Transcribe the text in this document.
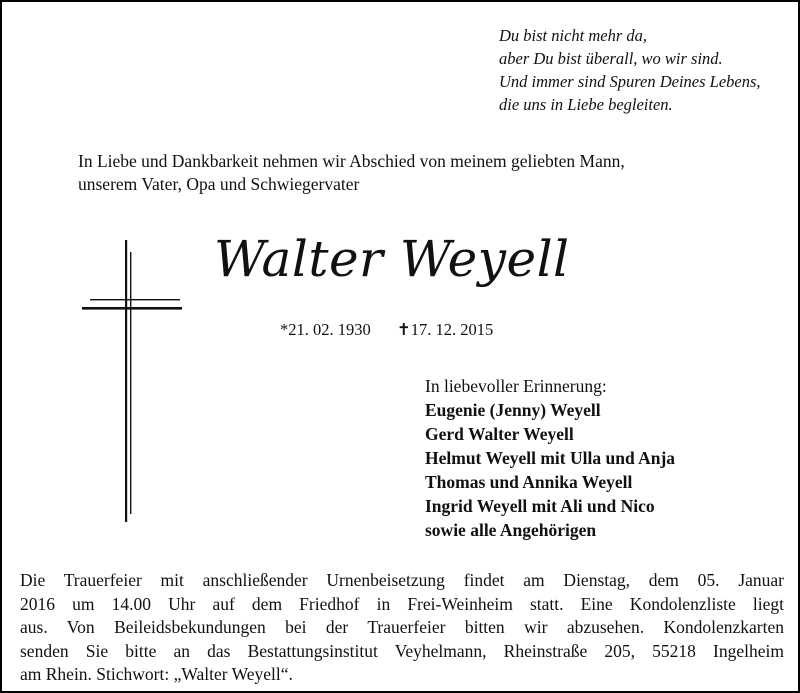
Du bist nicht mehr da,
aber Du bist überall, wo wir sind.
Und immer sind Spuren Deines Lebens,
die uns in Liebe begleiten.
In Liebe und Dankbarkeit nehmen wir Abschied von meinem geliebten Mann,
unserem Vater, Opa und Schwiegervater
Walter Weyell
*21. 02. 1930 ✝17. 12. 2015
In liebevoller Erinnerung:
Eugenie (Jenny) Weyell
Gerd Walter Weyell
Helmut Weyell mit Ulla und Anja
Thomas und Annika Weyell
Ingrid Weyell mit Ali und Nico
sowie alle Angehörigen
Die Trauerfeier mit anschließender Urnenbeisetzung findet am Dienstag, dem 05. Januar
2016 um 14.00 Uhr auf dem Friedhof in Frei-Weinheim statt. Eine Kondolenzliste liegt
aus. Von Beileidsbekundungen bei der Trauerfeier bitten wir abzusehen. Kondolenzkarten
senden Sie bitte an das Bestattungsinstitut Veyhelmann, Rheinstraße 205, 55218 Ingelheim
am Rhein. Stichwort: „Walter Weyell“.
